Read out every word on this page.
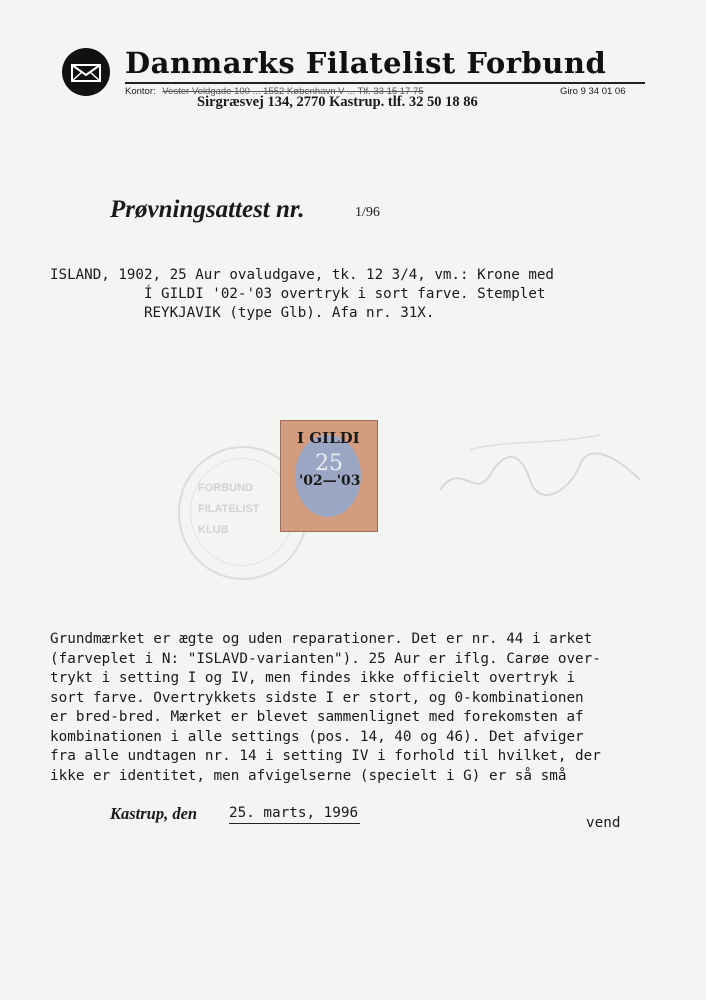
Danmarks Filatelist Forbund
Kontor: Vester Voldgade 100 ... 1552 København V ... Tlf. 33 15 17 75	Giro 9 34 01 06
Sirgræsvej 134, 2770 Kastrup. tlf. 32 50 18 86
Prøvningsattest nr.	1/96
ISLAND, 1902, 25 Aur ovaludgave, tk. 12 3/4, vm.: Krone med
Í GILDI '02-'03 overtryk i sort farve. Stemplet
REYKJAVIK (type Glb). Afa nr. 31X.
FORBUND
FILATELIST
KLUB
25
I GILDI
'02—'03
Grundmærket er ægte og uden reparationer. Det er nr. 44 i arket
(farveplet i N: "ISLAVD-varianten"). 25 Aur er iflg. Carøe over-
trykt i setting I og IV, men findes ikke officielt overtryk i
sort farve. Overtrykkets sidste I er stort, og 0-kombinationen
er bred-bred. Mærket er blevet sammenlignet med forekomsten af
kombinationen i alle settings (pos. 14, 40 og 46). Det afviger
fra alle undtagen nr. 14 i setting IV i forhold til hvilket, der
ikke er identitet, men afvigelserne (specielt i G) er så små
Kastrup, den 25. marts, 1996
vend
